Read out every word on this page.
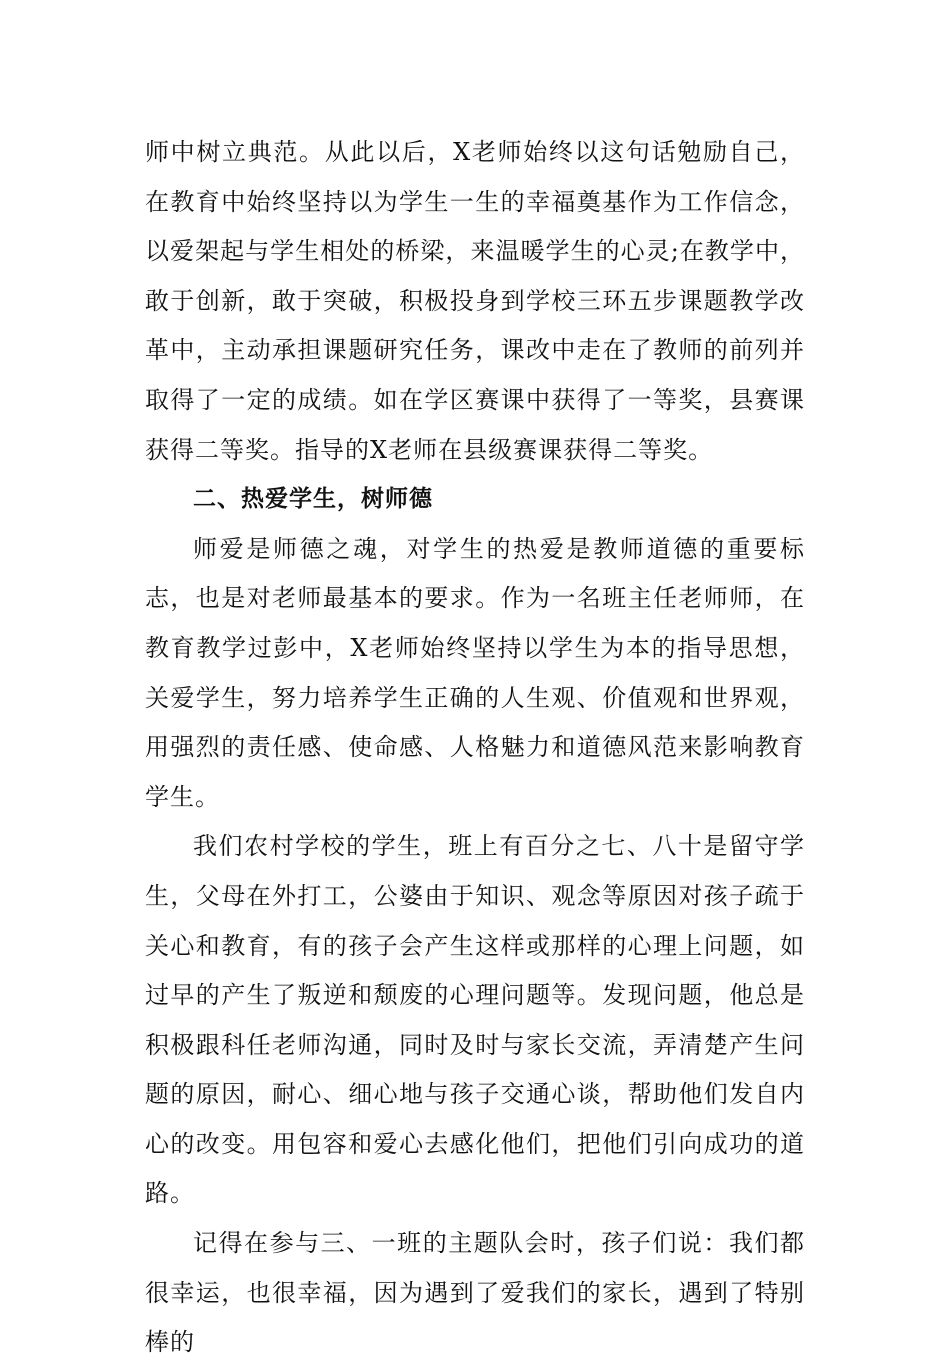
师中树立典范。从此以后，X老师始终以这句话勉励自己，在教育中始终坚持以为学生一生的幸福奠基作为工作信念，以爱架起与学生相处的桥梁，来温暖学生的心灵;在教学中，敢于创新，敢于突破，积极投身到学校三环五步课题教学改革中，主动承担课题研究任务，课改中走在了教师的前列并取得了一定的成绩。如在学区赛课中获得了一等奖，县赛课获得二等奖。指导的X老师在县级赛课获得二等奖。

二、热爱学生，树师德

师爱是师德之魂，对学生的热爱是教师道德的重要标志，也是对老师最基本的要求。作为一名班主任老师师，在教育教学过彭中，X老师始终坚持以学生为本的指导思想，关爱学生，努力培养学生正确的人生观、价值观和世界观，用强烈的责任感、使命感、人格魅力和道德风范来影响教育学生。

我们农村学校的学生，班上有百分之七、八十是留守学生，父母在外打工，公婆由于知识、观念等原因对孩子疏于关心和教育，有的孩子会产生这样或那样的心理上问题，如过早的产生了叛逆和颓废的心理问题等。发现问题，他总是积极跟科任老师沟通，同时及时与家长交流，弄清楚产生问题的原因，耐心、细心地与孩子交通心谈，帮助他们发自内心的改变。用包容和爱心去感化他们，把他们引向成功的道路。

记得在参与三、一班的主题队会时，孩子们说：我们都很幸运，也很幸福，因为遇到了爱我们的家长，遇到了特别棒的
